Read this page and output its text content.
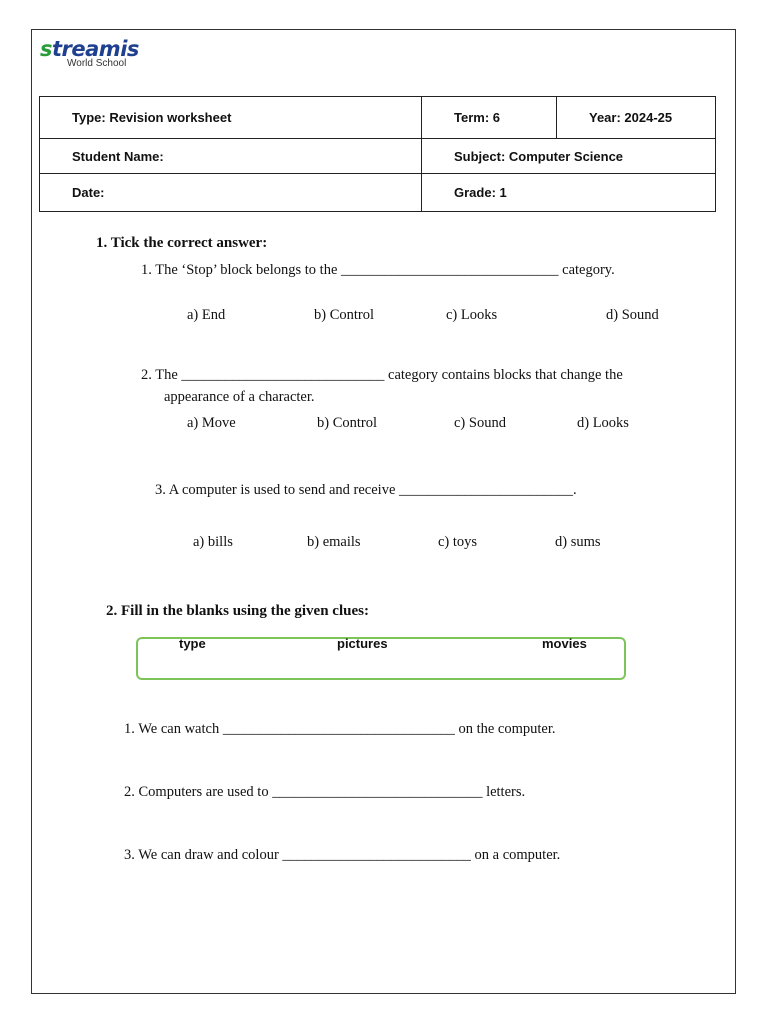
streamis
World School
Type: Revision worksheet	Term: 6	Year: 2024-25
Student Name:	Subject: Computer Science	
Date:	Grade: 1	
1. Tick the correct answer:
1. The ‘Stop’ block belongs to the ______________________________ category.
a) End	b) Control	c) Looks	d) Sound
2. The ____________________________ category contains blocks that change the
appearance of a character.
a) Move	b) Control	c) Sound	d) Looks
3. A computer is used to send and receive ________________________.
a) bills	b) emails	c) toys	d) sums
2. Fill in the blanks using the given clues:
type	pictures	movies
1. We can watch ________________________________ on the computer.
2. Computers are used to _____________________________ letters.
3. We can draw and colour __________________________ on a computer.
